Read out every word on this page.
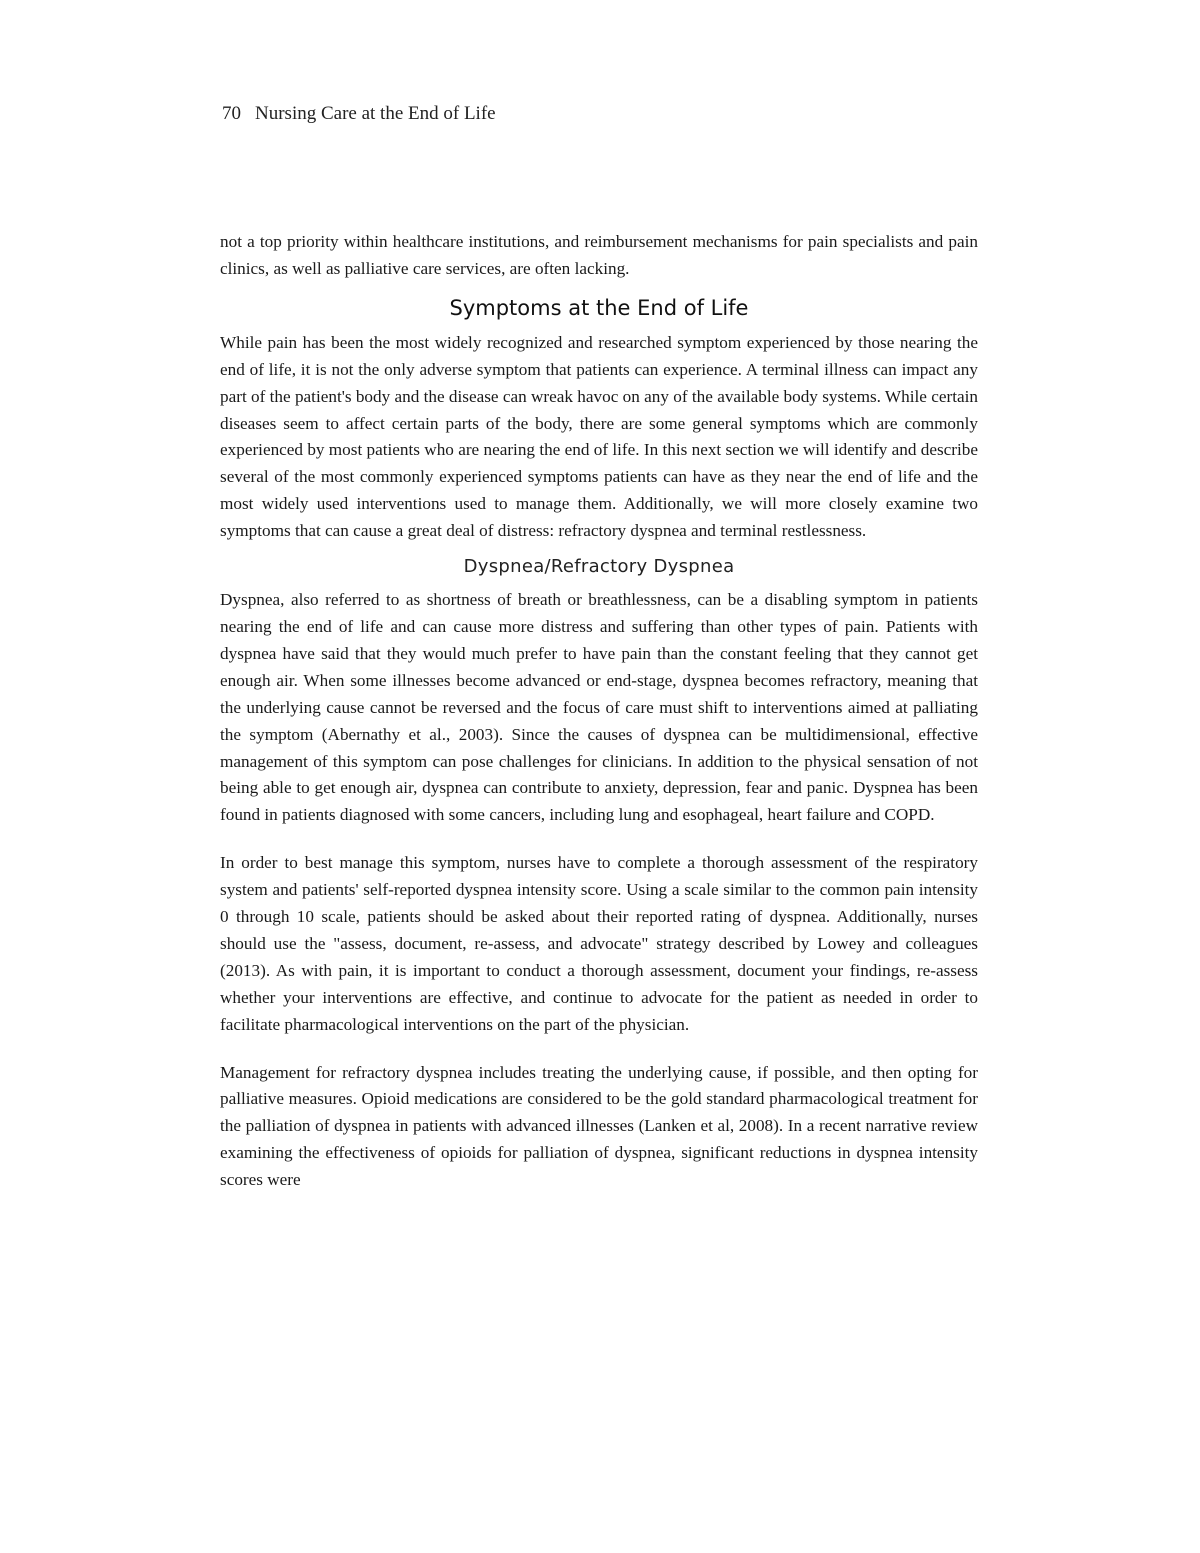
70 Nursing Care at the End of Life

not a top priority within healthcare institutions, and reimbursement mechanisms for pain specialists and pain clinics, as well as palliative care services, are often lacking.

Symptoms at the End of Life

While pain has been the most widely recognized and researched symptom experienced by those nearing the end of life, it is not the only adverse symptom that patients can experience. A terminal illness can impact any part of the patient's body and the disease can wreak havoc on any of the available body systems. While certain diseases seem to affect certain parts of the body, there are some general symptoms which are commonly experienced by most patients who are nearing the end of life. In this next section we will identify and describe several of the most commonly experienced symptoms patients can have as they near the end of life and the most widely used interventions used to manage them. Additionally, we will more closely examine two symptoms that can cause a great deal of distress: refractory dyspnea and terminal restlessness.

Dyspnea/Refractory Dyspnea

Dyspnea, also referred to as shortness of breath or breathlessness, can be a disabling symptom in patients nearing the end of life and can cause more distress and suffering than other types of pain. Patients with dyspnea have said that they would much prefer to have pain than the constant feeling that they cannot get enough air. When some illnesses become advanced or end-stage, dyspnea becomes refractory, meaning that the underlying cause cannot be reversed and the focus of care must shift to interventions aimed at palliating the symptom (Abernathy et al., 2003). Since the causes of dyspnea can be multidimensional, effective management of this symptom can pose challenges for clinicians. In addition to the physical sensation of not being able to get enough air, dyspnea can contribute to anxiety, depression, fear and panic. Dyspnea has been found in patients diagnosed with some cancers, including lung and esophageal, heart failure and COPD.

In order to best manage this symptom, nurses have to complete a thorough assessment of the respiratory system and patients' self-reported dyspnea intensity score. Using a scale similar to the common pain intensity 0 through 10 scale, patients should be asked about their reported rating of dyspnea. Additionally, nurses should use the "assess, document, re-assess, and advocate" strategy described by Lowey and colleagues (2013). As with pain, it is important to conduct a thorough assessment, document your findings, re-assess whether your interventions are effective, and continue to advocate for the patient as needed in order to facilitate pharmacological interventions on the part of the physician.

Management for refractory dyspnea includes treating the underlying cause, if possible, and then opting for palliative measures. Opioid medications are considered to be the gold standard pharmacological treatment for the palliation of dyspnea in patients with advanced illnesses (Lanken et al, 2008). In a recent narrative review examining the effectiveness of opioids for palliation of dyspnea, significant reductions in dyspnea intensity scores were
